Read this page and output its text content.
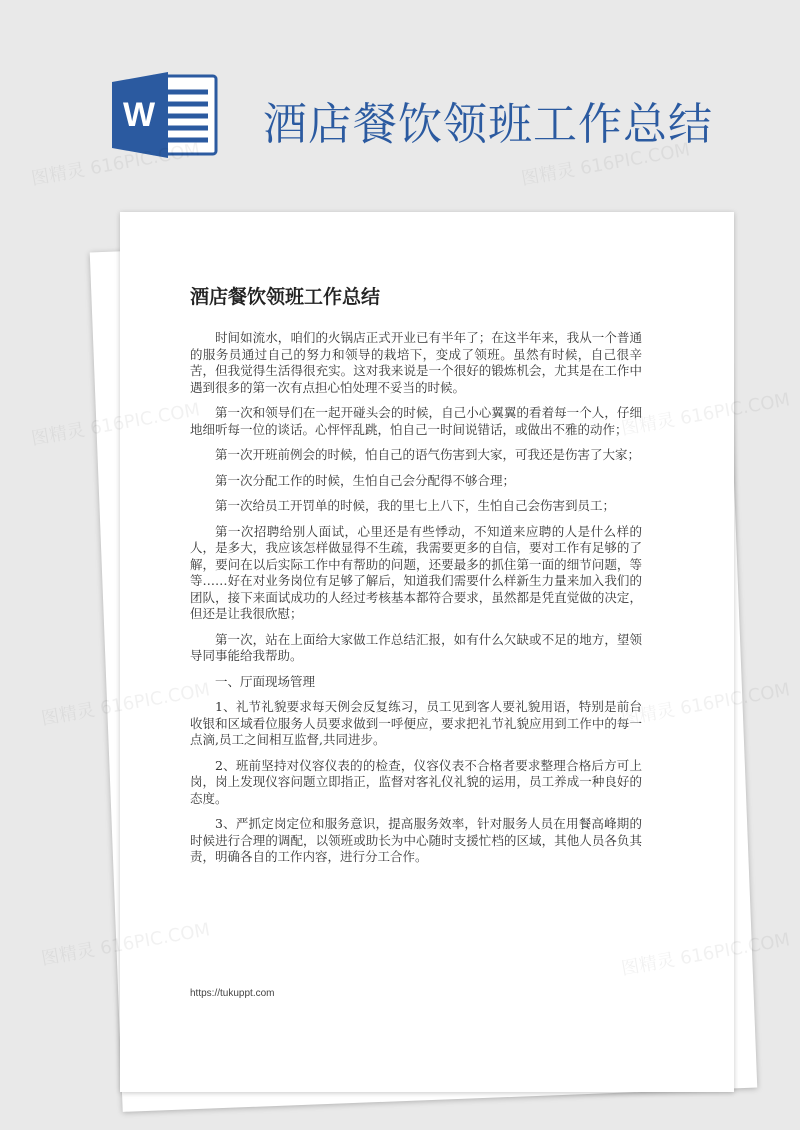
W 酒店餐饮领班工作总结
酒店餐饮领班工作总结

时间如流水，咱们的火锅店正式开业已有半年了；在这半年来，我从一个普通的服务员通过自己的努力和领导的栽培下，变成了领班。虽然有时候，自己很辛苦，但我觉得生活得很充实。这对我来说是一个很好的锻炼机会，尤其是在工作中遇到很多的第一次有点担心怕处理不妥当的时候。

第一次和领导们在一起开碰头会的时候，自己小心翼翼的看着每一个人，仔细地细听每一位的谈话。心怦怦乱跳，怕自己一时间说错话，或做出不雅的动作；

第一次开班前例会的时候，怕自己的语气伤害到大家，可我还是伤害了大家；

第一次分配工作的时候，生怕自己会分配得不够合理；

第一次给员工开罚单的时候，我的里七上八下，生怕自己会伤害到员工；

第一次招聘给别人面试，心里还是有些悸动，不知道来应聘的人是什么样的人，是多大，我应该怎样做显得不生疏，我需要更多的自信，要对工作有足够的了解，要问在以后实际工作中有帮助的问题，还要最多的抓住第一面的细节问题，等等……好在对业务岗位有足够了解后，知道我们需要什么样新生力量来加入我们的团队，接下来面试成功的人经过考核基本都符合要求，虽然都是凭直觉做的决定，但还是让我很欣慰；

第一次，站在上面给大家做工作总结汇报，如有什么欠缺或不足的地方，望领导同事能给我帮助。

一、厅面现场管理

1、礼节礼貌要求每天例会反复练习，员工见到客人要礼貌用语，特别是前台收银和区域看位服务人员要求做到一呼便应，要求把礼节礼貌应用到工作中的每一点滴,员工之间相互监督,共同进步。

2、班前坚持对仪容仪表的的检查，仪容仪表不合格者要求整理合格后方可上岗，岗上发现仪容问题立即指正，监督对客礼仪礼貌的运用，员工养成一种良好的态度。

3、严抓定岗定位和服务意识，提高服务效率，针对服务人员在用餐高峰期的时候进行合理的调配，以领班或助长为中心随时支援忙档的区域，其他人员各负其责，明确各自的工作内容，进行分工合作。

https://tukuppt.com
图精灵 616PIC.COM	图精灵 616PIC.COM
图精灵
616PIC.COM
图精灵
图精灵
